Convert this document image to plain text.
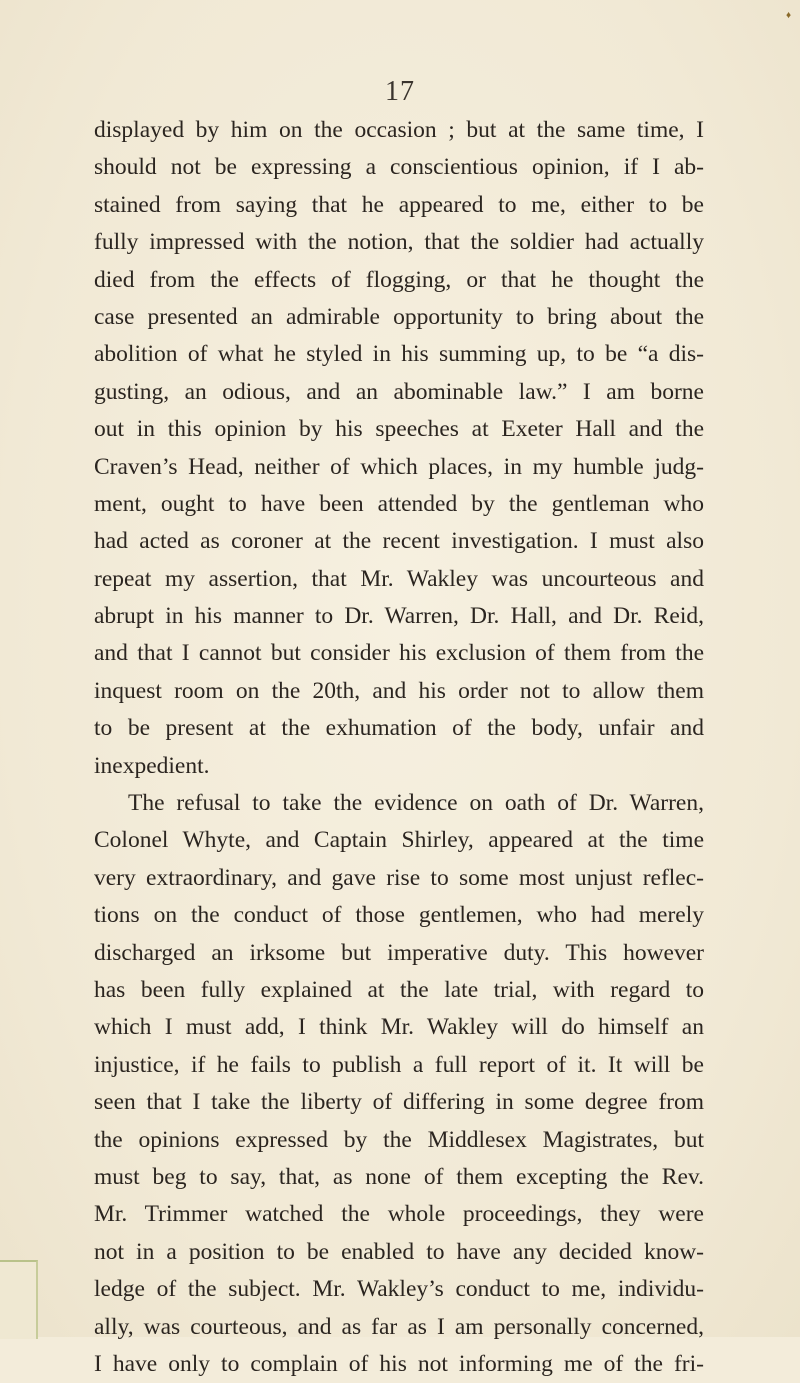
♦
17
displayed by him on the occasion ; but at the same time, I
should not be expressing a conscientious opinion, if I ab-
stained from saying that he appeared to me, either to be
fully impressed with the notion, that the soldier had actually
died from the effects of flogging, or that he thought the
case presented an admirable opportunity to bring about the
abolition of what he styled in his summing up, to be “a dis-
gusting, an odious, and an abominable law.” I am borne
out in this opinion by his speeches at Exeter Hall and the
Craven’s Head, neither of which places, in my humble judg-
ment, ought to have been attended by the gentleman who
had acted as coroner at the recent investigation. I must also
repeat my assertion, that Mr. Wakley was uncourteous and
abrupt in his manner to Dr. Warren, Dr. Hall, and Dr. Reid,
and that I cannot but consider his exclusion of them from the
inquest room on the 20th, and his order not to allow them
to be present at the exhumation of the body, unfair and
inexpedient.
The refusal to take the evidence on oath of Dr. Warren,
Colonel Whyte, and Captain Shirley, appeared at the time
very extraordinary, and gave rise to some most unjust reflec-
tions on the conduct of those gentlemen, who had merely
discharged an irksome but imperative duty. This however
has been fully explained at the late trial, with regard to
which I must add, I think Mr. Wakley will do himself an
injustice, if he fails to publish a full report of it. It will be
seen that I take the liberty of differing in some degree from
the opinions expressed by the Middlesex Magistrates, but
must beg to say, that, as none of them excepting the Rev.
Mr. Trimmer watched the whole proceedings, they were
not in a position to be enabled to have any decided know-
ledge of the subject. Mr. Wakley’s conduct to me, individu-
ally, was courteous, and as far as I am personally concerned,
I have only to complain of his not informing me of the fri-
